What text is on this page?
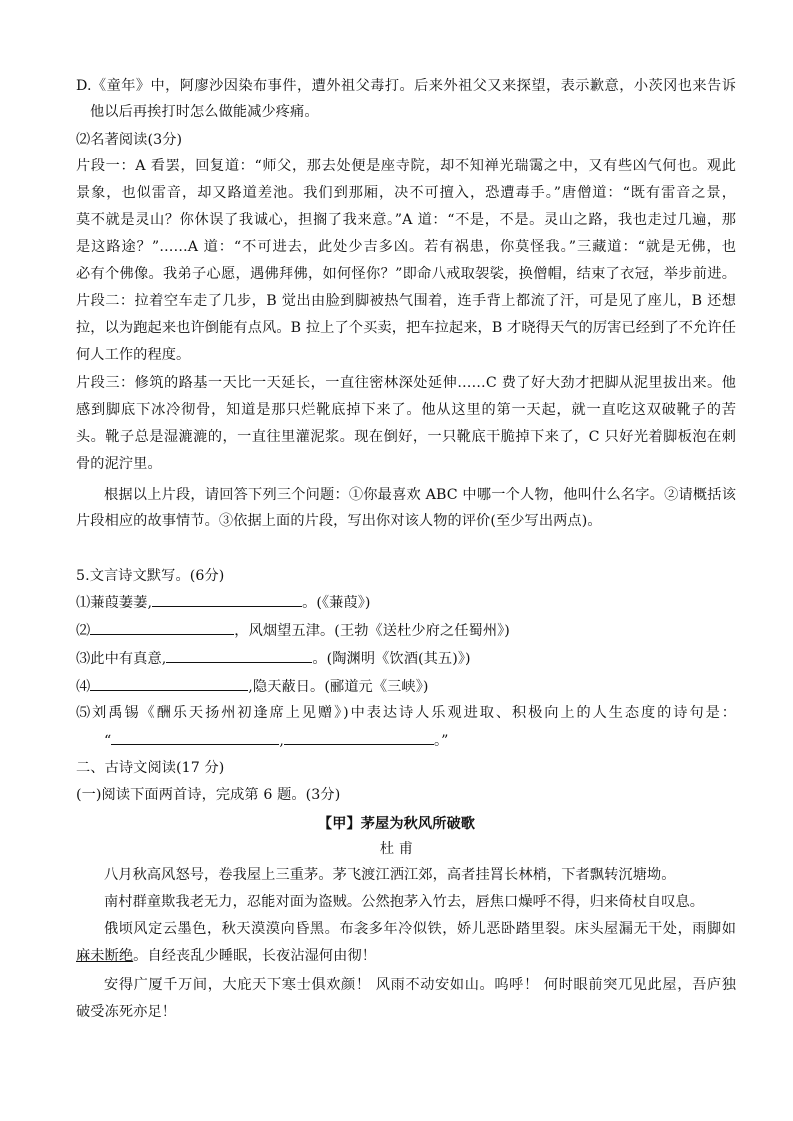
D.《童年》中，阿廖沙因染布事件，遭外祖父毒打。后来外祖父又来探望，表示歉意，小茨冈也来告诉
他以后再挨打时怎么做能减少疼痛。
⑵名著阅读(3分)
片段一：A 看罢，回复道：“师父，那去处便是座寺院，却不知禅光瑞霭之中，又有些凶气何也。观此
景象，也似雷音，却又路道差池。我们到那厢，决不可擅入，恐遭毒手。”唐僧道：“既有雷音之景，
莫不就是灵山？你休误了我诚心，担搁了我来意。”A 道：“不是，不是。灵山之路，我也走过几遍，那
是这路途？”……A 道：“不可进去，此处少吉多凶。若有祸患，你莫怪我。”三藏道：“就是无佛，也
必有个佛像。我弟子心愿，遇佛拜佛，如何怪你？”即命八戒取袈裟，换僧帽，结束了衣冠，举步前进。
片段二：拉着空车走了几步，B 觉出由脸到脚被热气围着，连手背上都流了汗，可是见了座儿，B 还想
拉，以为跑起来也许倒能有点风。B 拉上了个买卖，把车拉起来，B 才晓得天气的厉害已经到了不允许任
何人工作的程度。
片段三：修筑的路基一天比一天延长，一直往密林深处延伸……C 费了好大劲才把脚从泥里拔出来。他
感到脚底下冰冷彻骨，知道是那只烂靴底掉下来了。他从这里的第一天起，就一直吃这双破靴子的苦
头。靴子总是湿漉漉的，一直往里灌泥浆。现在倒好，一只靴底干脆掉下来了，C 只好光着脚板泡在刺
骨的泥泞里。
根据以上片段，请回答下列三个问题：①你最喜欢 ABC 中哪一个人物，他叫什么名字。②请概括该
片段相应的故事情节。③依据上面的片段，写出你对该人物的评价(至少写出两点)。
5.文言诗文默写。(6分)
⑴蒹葭萋萋,	。(《蒹葭》)
⑵	，风烟望五津。(王勃《送杜少府之任蜀州》)
⑶此中有真意,	。(陶渊明《饮酒(其五)》)
⑷	,隐天蔽日。(郦道元《三峡》)
⑸刘禹锡《酬乐天扬州初逢席上见赠》)中表达诗人乐观进取、积极向上的人生态度的诗句是：
“	,	。”
二、古诗文阅读(17 分)
(一)阅读下面两首诗，完成第 6 题。(3分)
【甲】茅屋为秋风所破歌
杜 甫
八月秋高风怒号，卷我屋上三重茅。茅飞渡江洒江郊，高者挂罥长林梢，下者飘转沉塘坳。
南村群童欺我老无力，忍能对面为盗贼。公然抱茅入竹去，唇焦口燥呼不得，归来倚杖自叹息。
俄顷风定云墨色，秋天漠漠向昏黑。布衾多年冷似铁，娇儿恶卧踏里裂。床头屋漏无干处，雨脚如
麻未断绝。自经丧乱少睡眠，长夜沾湿何由彻！
安得广厦千万间，大庇天下寒士俱欢颜！ 风雨不动安如山。呜呼！ 何时眼前突兀见此屋，吾庐独
破受冻死亦足！
